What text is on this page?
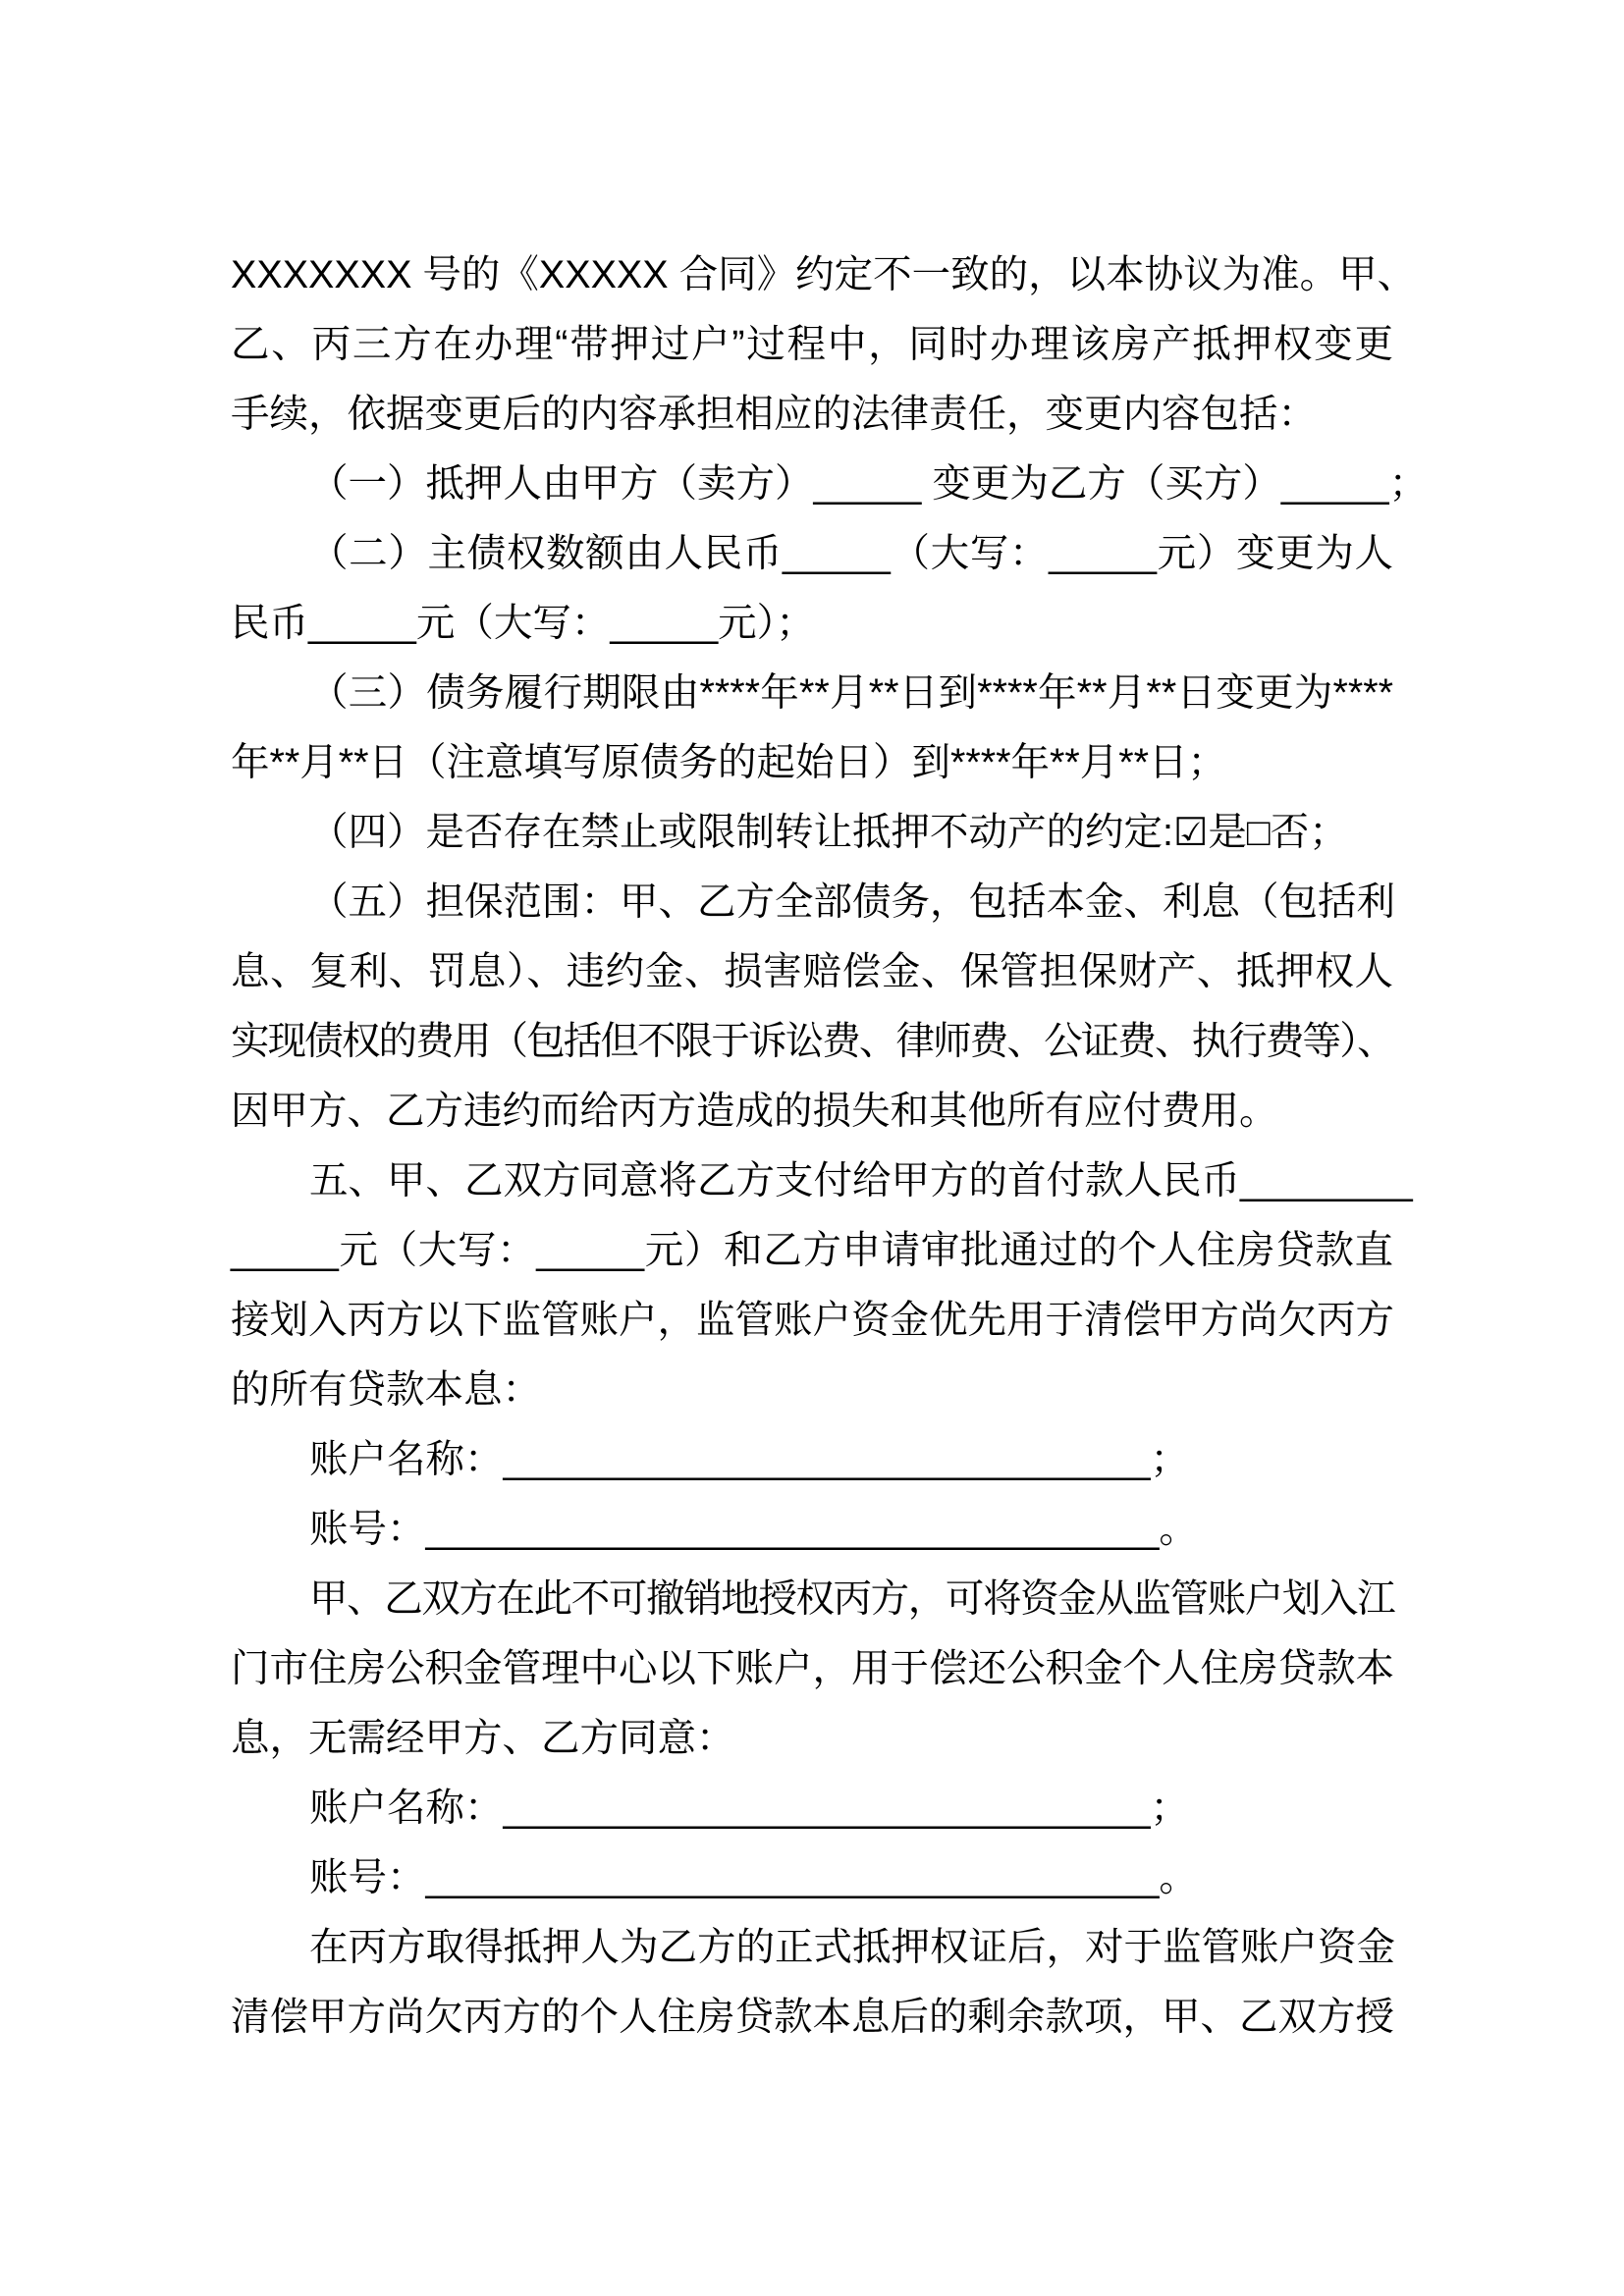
XXXXXXX 号的《XXXXX 合同》约定不一致的，以本协议为准。甲、
乙、丙三方在办理“带押过户”过程中，同时办理该房产抵押权变更
手续，依据变更后的内容承担相应的法律责任，变更内容包括：
（一）抵押人由甲方（卖方）_____ 变更为乙方（买方）_____；
（二）主债权数额由人民币_____（大写：_____元）变更为人
民币_____元（大写：_____元）；
（三）债务履行期限由****年**月**日到****年**月**日变更为****
年**月**日（注意填写原债务的起始日）到****年**月**日；
（四）是否存在禁止或限制转让抵押不动产的约定:☑是□否；
（五）担保范围：甲、乙方全部债务，包括本金、利息（包括利
息、复利、罚息）、违约金、损害赔偿金、保管担保财产、抵押权人
实现债权的费用（包括但不限于诉讼费、律师费、公证费、执行费等）、
因甲方、乙方违约而给丙方造成的损失和其他所有应付费用。
五、甲、乙双方同意将乙方支付给甲方的首付款人民币________
_____元（大写：_____元）和乙方申请审批通过的个人住房贷款直
接划入丙方以下监管账户，监管账户资金优先用于清偿甲方尚欠丙方
的所有贷款本息：
账户名称：______________________________；
账号：__________________________________。
甲、乙双方在此不可撤销地授权丙方，可将资金从监管账户划入江
门市住房公积金管理中心以下账户，用于偿还公积金个人住房贷款本
息，无需经甲方、乙方同意：
账户名称：______________________________；
账号：__________________________________。
在丙方取得抵押人为乙方的正式抵押权证后，对于监管账户资金
清偿甲方尚欠丙方的个人住房贷款本息后的剩余款项，甲、乙双方授
